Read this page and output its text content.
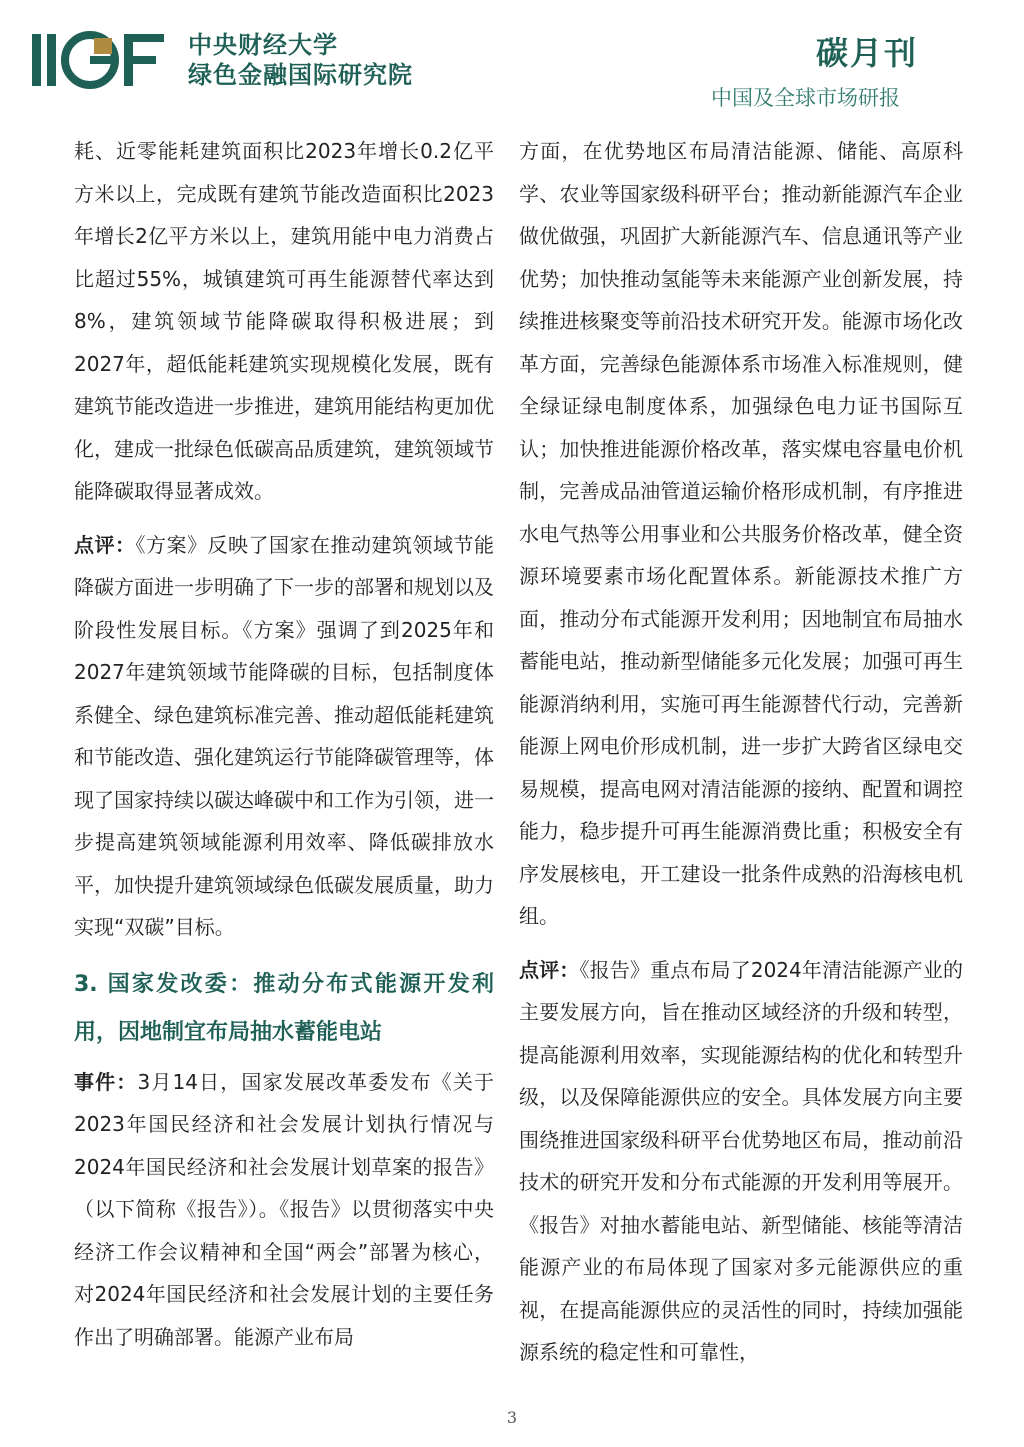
中央财经大学
绿色金融国际研究院
碳月刊
中国及全球市场研报

耗、近零能耗建筑面积比2023年增长0.2亿平方米以上，完成既有建筑节能改造面积比2023年增长2亿平方米以上，建筑用能中电力消费占比超过55%，城镇建筑可再生能源替代率达到8%，建筑领域节能降碳取得积极进展；到2027年，超低能耗建筑实现规模化发展，既有建筑节能改造进一步推进，建筑用能结构更加优化，建成一批绿色低碳高品质建筑，建筑领域节能降碳取得显著成效。

点评：《方案》反映了国家在推动建筑领域节能降碳方面进一步明确了下一步的部署和规划以及阶段性发展目标。《方案》强调了到2025年和2027年建筑领域节能降碳的目标，包括制度体系健全、绿色建筑标准完善、推动超低能耗建筑和节能改造、强化建筑运行节能降碳管理等，体现了国家持续以碳达峰碳中和工作为引领，进一步提高建筑领域能源利用效率、降低碳排放水平，加快提升建筑领域绿色低碳发展质量，助力实现“双碳”目标。

3. 国家发改委：推动分布式能源开发利用，因地制宜布局抽水蓄能电站

事件：3月14日，国家发展改革委发布《关于2023年国民经济和社会发展计划执行情况与2024年国民经济和社会发展计划草案的报告》（以下简称《报告》）。《报告》以贯彻落实中央经济工作会议精神和全国“两会”部署为核心，对2024年国民经济和社会发展计划的主要任务作出了明确部署。能源产业布局

方面，在优势地区布局清洁能源、储能、高原科学、农业等国家级科研平台；推动新能源汽车企业做优做强，巩固扩大新能源汽车、信息通讯等产业优势；加快推动氢能等未来能源产业创新发展，持续推进核聚变等前沿技术研究开发。能源市场化改革方面，完善绿色能源体系市场准入标准规则，健全绿证绿电制度体系，加强绿色电力证书国际互认；加快推进能源价格改革，落实煤电容量电价机制，完善成品油管道运输价格形成机制，有序推进水电气热等公用事业和公共服务价格改革，健全资源环境要素市场化配置体系。新能源技术推广方面，推动分布式能源开发利用；因地制宜布局抽水蓄能电站，推动新型储能多元化发展；加强可再生能源消纳利用，实施可再生能源替代行动，完善新能源上网电价形成机制，进一步扩大跨省区绿电交易规模，提高电网对清洁能源的接纳、配置和调控能力，稳步提升可再生能源消费比重；积极安全有序发展核电，开工建设一批条件成熟的沿海核电机组。

点评：《报告》重点布局了2024年清洁能源产业的主要发展方向，旨在推动区域经济的升级和转型，提高能源利用效率，实现能源结构的优化和转型升级，以及保障能源供应的安全。具体发展方向主要围绕推进国家级科研平台优势地区布局，推动前沿技术的研究开发和分布式能源的开发利用等展开。《报告》对抽水蓄能电站、新型储能、核能等清洁能源产业的布局体现了国家对多元能源供应的重视，在提高能源供应的灵活性的同时，持续加强能源系统的稳定性和可靠性，

3
